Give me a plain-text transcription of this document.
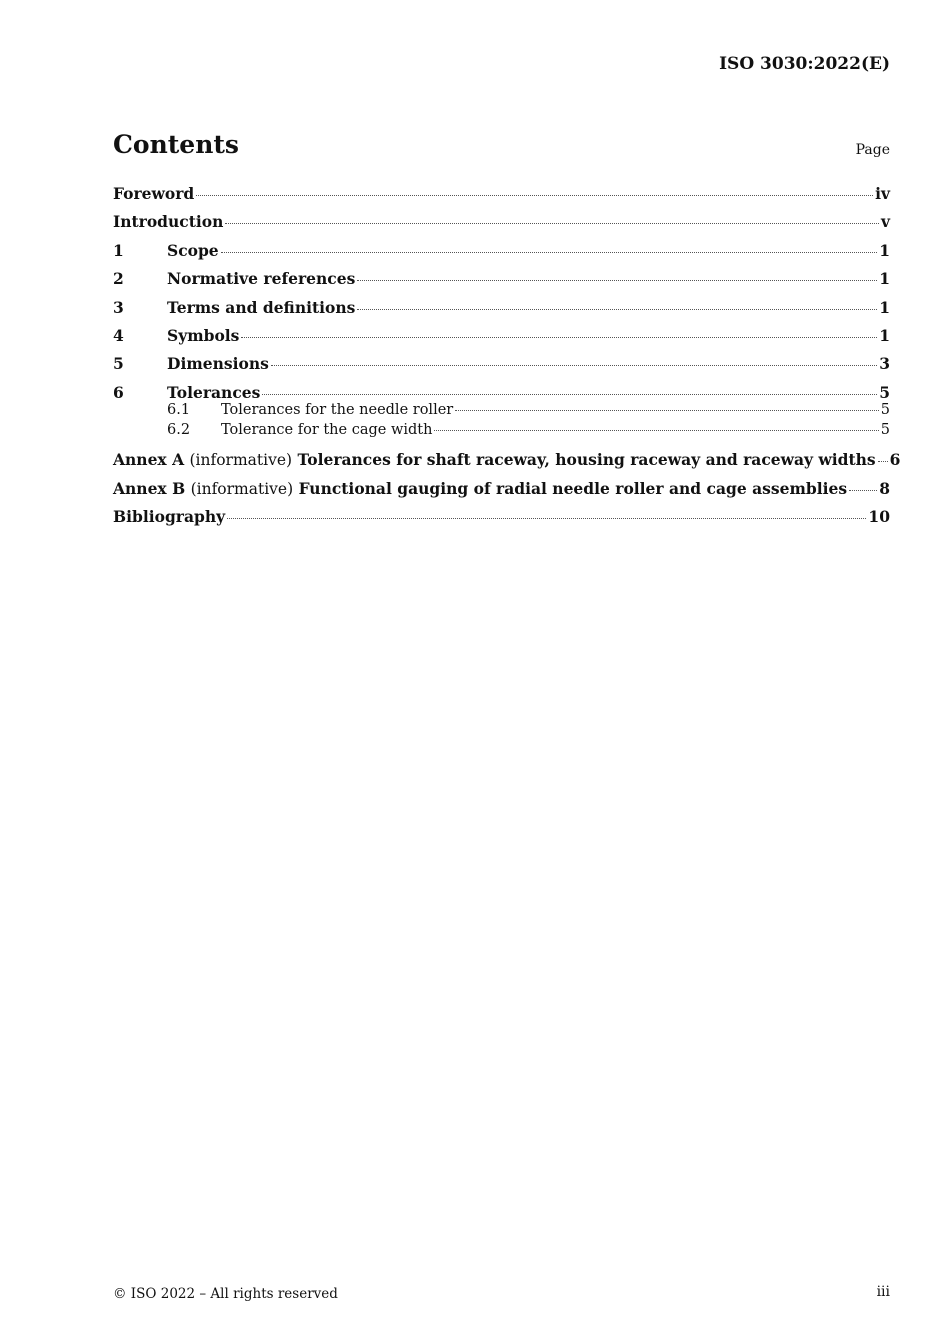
ISO 3030:2022(E)
Contents	Page
Foreword	iv
Introduction	v
1	Scope	1
2	Normative references	1
3	Terms and definitions	1
4	Symbols	1
5	Dimensions	3
6	Tolerances	5
6.1	Tolerances for the needle roller	5
6.2	Tolerance for the cage width	5
Annex A (informative) Tolerances for shaft raceway, housing raceway and raceway widths 6
Annex B (informative) Functional gauging of radial needle roller and cage assemblies 8
Bibliography	10
© ISO 2022 – All rights reserved	iii
